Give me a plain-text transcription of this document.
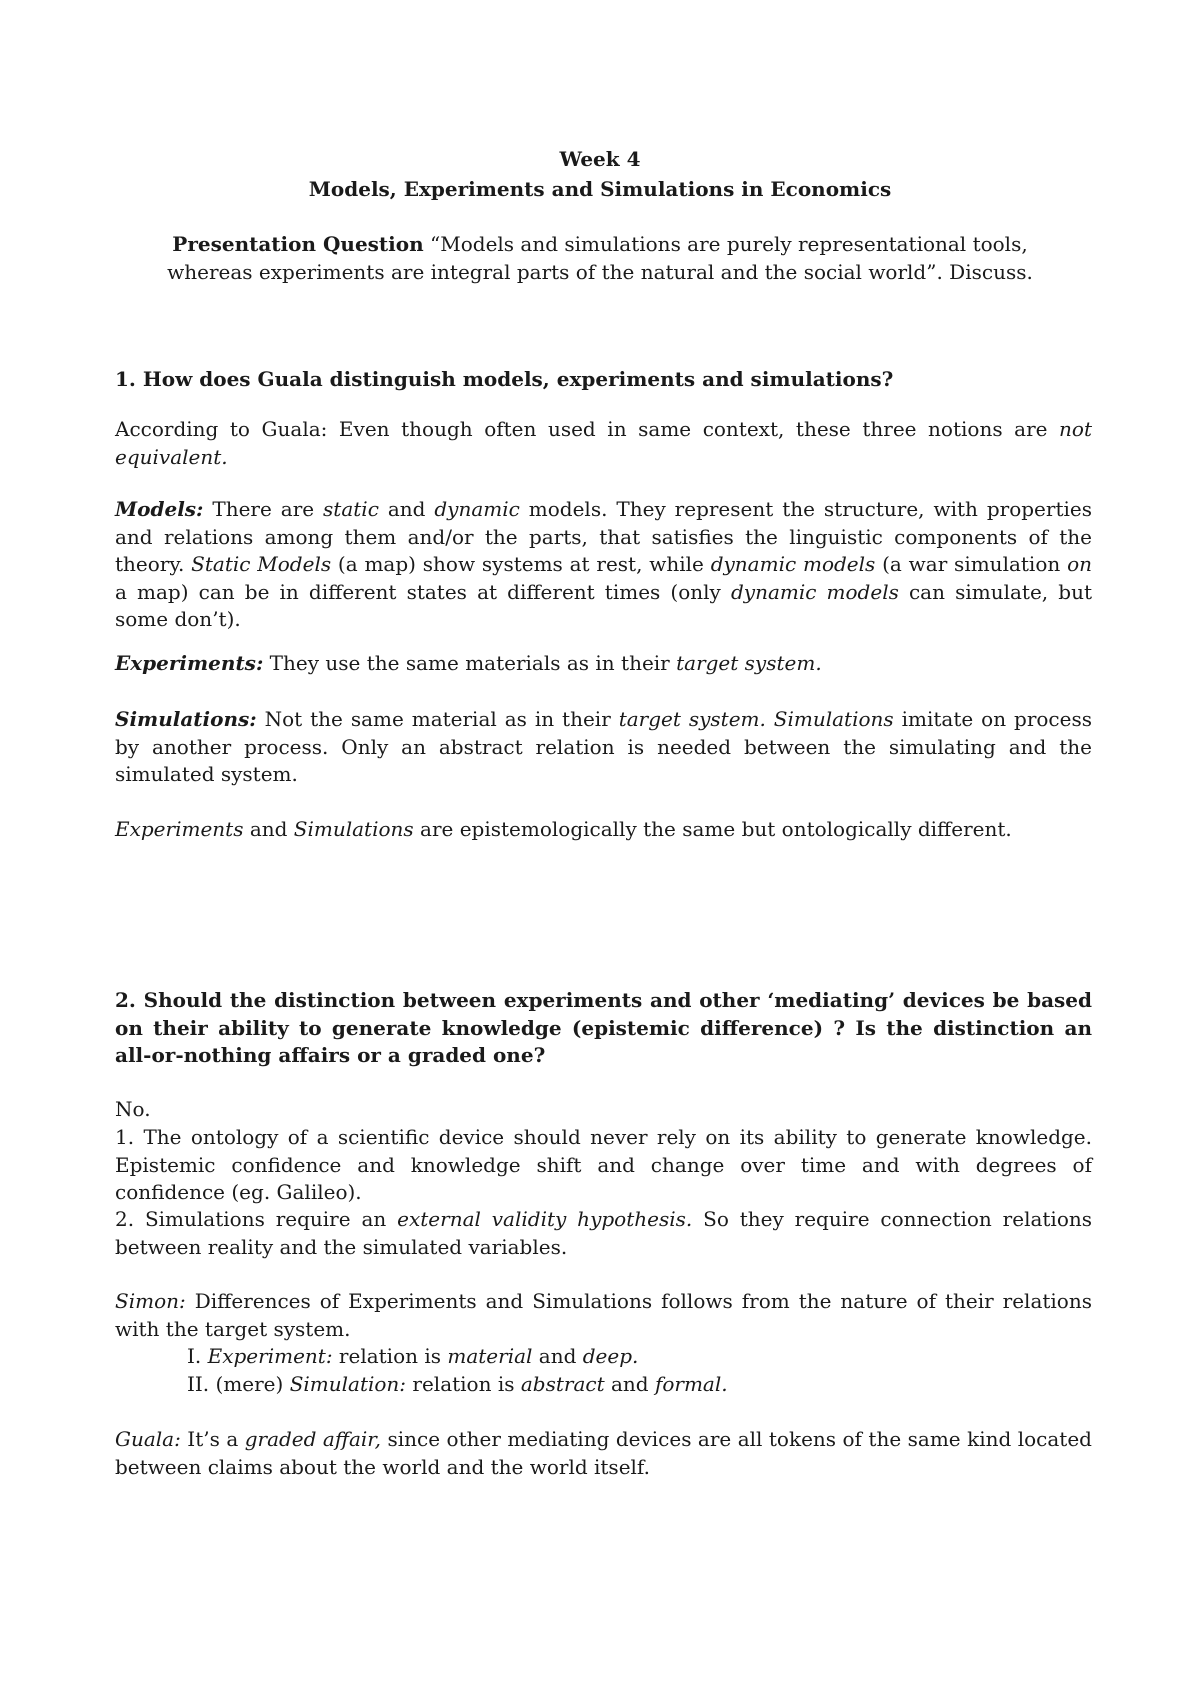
Week 4
Models, Experiments and Simulations in Economics
Presentation Question “Models and simulations are purely representational tools,
whereas experiments are integral parts of the natural and the social world”. Discuss.
1. How does Guala distinguish models, experiments and simulations?

According to Guala: Even though often used in same context, these three notions are not equivalent.

Models: There are static and dynamic models. They represent the structure, with properties and relations among them and/or the parts, that satisfies the linguistic components of the theory. Static Models (a map) show systems at rest, while dynamic models (a war simulation on a map) can be in different states at different times (only dynamic models can simulate, but some don’t).

Experiments: They use the same materials as in their target system.

Simulations: Not the same material as in their target system. Simulations imitate on process by another process. Only an abstract relation is needed between the simulating and the simulated system.

Experiments and Simulations are epistemologically the same but ontologically different.

2. Should the distinction between experiments and other ‘mediating’ devices be based on their ability to generate knowledge (epistemic difference) ? Is the distinction an all-or-nothing affairs or a graded one?

No.

1. The ontology of a scientific device should never rely on its ability to generate knowledge. Epistemic confidence and knowledge shift and change over time and with degrees of confidence (eg. Galileo).

2. Simulations require an external validity hypothesis. So they require connection relations between reality and the simulated variables.

Simon: Differences of Experiments and Simulations follows from the nature of their relations with the target system.

I. Experiment: relation is material and deep.

II. (mere) Simulation: relation is abstract and formal.

Guala: It’s a graded affair, since other mediating devices are all tokens of the same kind located between claims about the world and the world itself.
